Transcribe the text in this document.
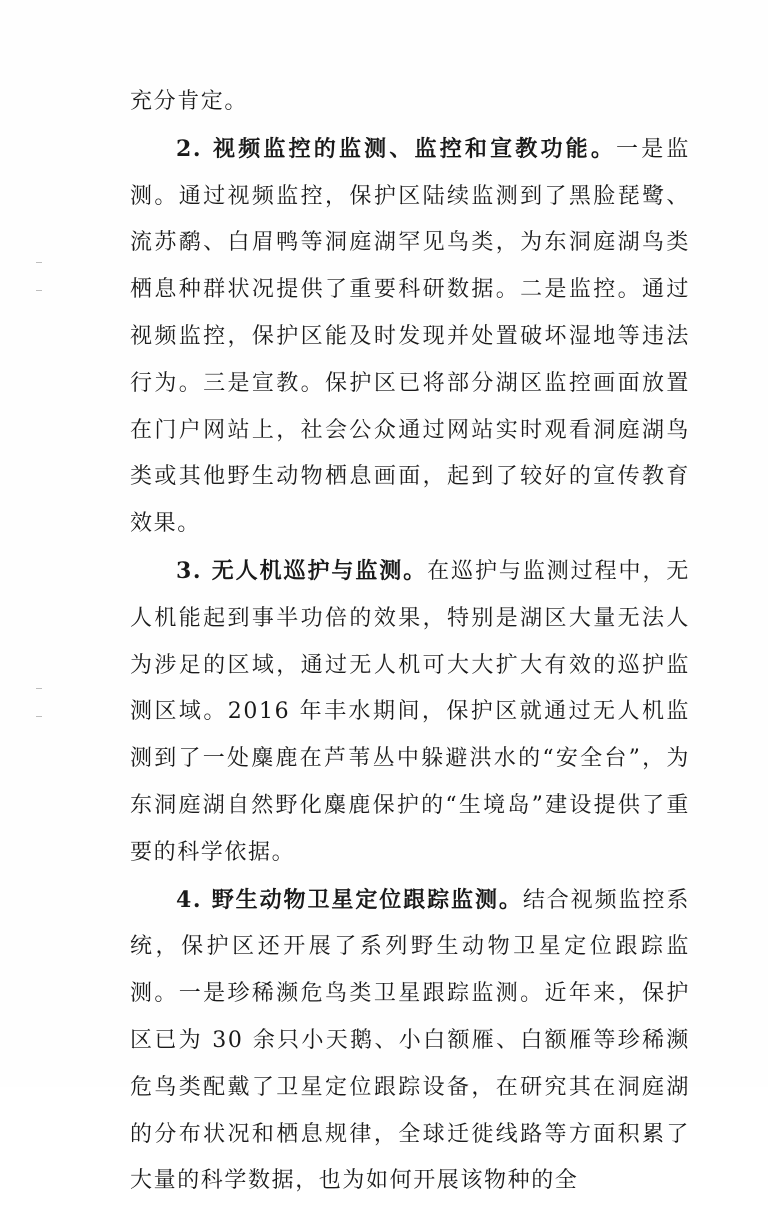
充分肯定。

2. 视频监控的监测、监控和宣教功能。一是监测。通过视频监控，保护区陆续监测到了黑脸琵鹭、流苏鹬、白眉鸭等洞庭湖罕见鸟类，为东洞庭湖鸟类栖息种群状况提供了重要科研数据。二是监控。通过视频监控，保护区能及时发现并处置破坏湿地等违法行为。三是宣教。保护区已将部分湖区监控画面放置在门户网站上，社会公众通过网站实时观看洞庭湖鸟类或其他野生动物栖息画面，起到了较好的宣传教育效果。

3. 无人机巡护与监测。在巡护与监测过程中，无人机能起到事半功倍的效果，特别是湖区大量无法人为涉足的区域，通过无人机可大大扩大有效的巡护监测区域。2016 年丰水期间，保护区就通过无人机监测到了一处麋鹿在芦苇丛中躲避洪水的“安全台”，为东洞庭湖自然野化麋鹿保护的“生境岛”建设提供了重要的科学依据。

4. 野生动物卫星定位跟踪监测。结合视频监控系统，保护区还开展了系列野生动物卫星定位跟踪监测。一是珍稀濒危鸟类卫星跟踪监测。近年来，保护区已为 30 余只小天鹅、小白额雁、白额雁等珍稀濒危鸟类配戴了卫星定位跟踪设备，在研究其在洞庭湖的分布状况和栖息规律，全球迁徙线路等方面积累了大量的科学数据，也为如何开展该物种的全
